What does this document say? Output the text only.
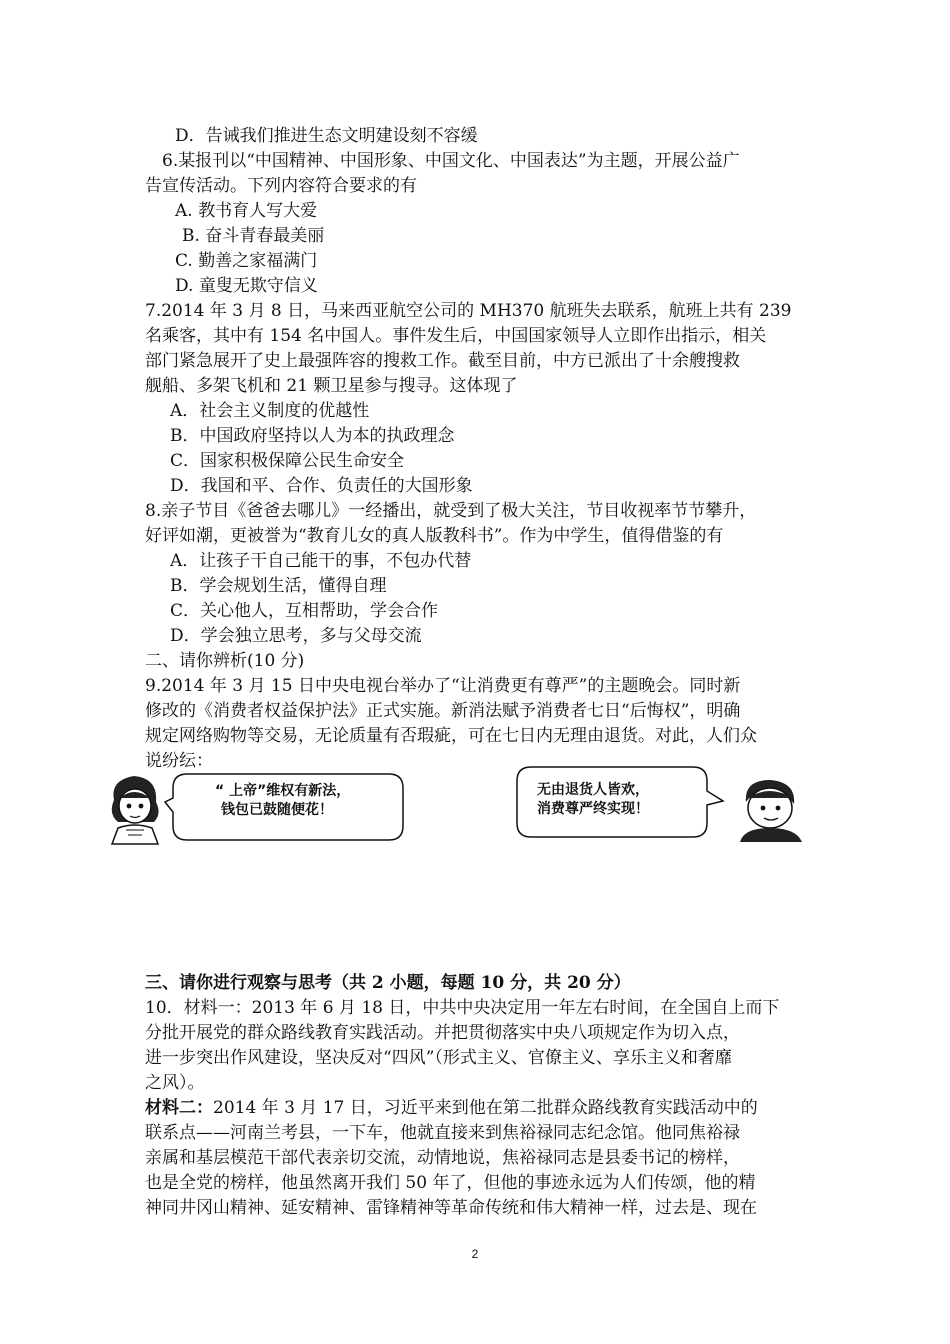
D．告诫我们推进生态文明建设刻不容缓
6.某报刊以“中国精神、中国形象、中国文化、中国表达”为主题，开展公益广
告宣传活动。下列内容符合要求的有
A. 教书育人写大爱
B. 奋斗青春最美丽
C. 勤善之家福满门
D. 童叟无欺守信义
7.2014 年 3 月 8 日，马来西亚航空公司的 MH370 航班失去联系，航班上共有 239
名乘客，其中有 154 名中国人。事件发生后，中国国家领导人立即作出指示，相关
部门紧急展开了史上最强阵容的搜救工作。截至目前，中方已派出了十余艘搜救
舰船、多架飞机和 21 颗卫星参与搜寻。这体现了
A．社会主义制度的优越性
B．中国政府坚持以人为本的执政理念
C．国家积极保障公民生命安全
D．我国和平、合作、负责任的大国形象
8.亲子节目《爸爸去哪儿》一经播出，就受到了极大关注，节目收视率节节攀升，
好评如潮，更被誉为“教育儿女的真人版教科书”。作为中学生，值得借鉴的有
A．让孩子干自己能干的事，不包办代替
B．学会规划生活，懂得自理
C．关心他人，互相帮助，学会合作
D．学会独立思考，多与父母交流
二、请你辨析(10 分)
9.2014 年 3 月 15 日中央电视台举办了“让消费更有尊严”的主题晚会。同时新
修改的《消费者权益保护法》正式实施。新消法赋予消费者七日“后悔权”，明确
规定网络购物等交易，无论质量有否瑕疵，可在七日内无理由退货。对此，人们众
说纷纭：
“ 上帝”维权有新法，
钱包已鼓随便花！
无由退货人皆欢，
消费尊严终实现！
三、请你进行观察与思考（共 2 小题，每题 10 分，共 20 分）
10．材料一：2013 年 6 月 18 日，中共中央决定用一年左右时间，在全国自上而下
分批开展党的群众路线教育实践活动。并把贯彻落实中央八项规定作为切入点，
进一步突出作风建设，坚决反对“四风”（形式主义、官僚主义、享乐主义和奢靡
之风）。
材料二：2014 年 3 月 17 日，习近平来到他在第二批群众路线教育实践活动中的
联系点——河南兰考县，一下车，他就直接来到焦裕禄同志纪念馆。他同焦裕禄
亲属和基层模范干部代表亲切交流，动情地说，焦裕禄同志是县委书记的榜样，
也是全党的榜样，他虽然离开我们 50 年了，但他的事迹永远为人们传颂，他的精
神同井冈山精神、延安精神、雷锋精神等革命传统和伟大精神一样，过去是、现在
2
